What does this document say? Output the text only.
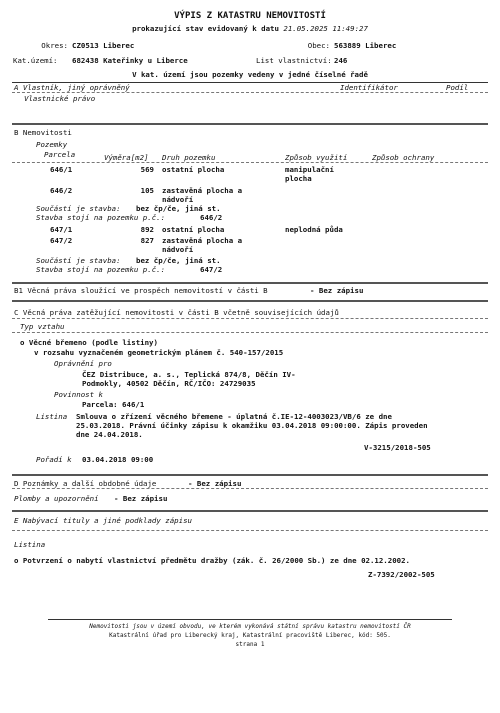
VÝPIS Z KATASTRU NEMOVITOSTÍ
prokazující stav evidovaný k datu 21.05.2025 11:49:27
Okres: CZ0513 Liberec	Obec: 563889 Liberec
Kat.území: 682438 Kateřinky u Liberce	List vlastnictví: 246
V kat. území jsou pozemky vedeny v jedné číselné řadě
A Vlastník, jiný oprávněný	Identifikátor	Podíl
Vlastnické právo
B Nemovitosti
Pozemky
Parcela	Výměra[m2] Druh pozemku	Způsob využití	Způsob ochrany
646/1	569 ostatní plocha	manipulační
plocha
646/2	105 zastavěná plocha a
nádvoří
Součástí je stavba: bez čp/če, jiná st.
Stavba stojí na pozemku p.č.:	646/2
647/1	892 ostatní plocha	neplodná půda
647/2	827 zastavěná plocha a
nádvoří
Součástí je stavba: bez čp/če, jiná st.
Stavba stojí na pozemku p.č.:	647/2
B1 Věcná práva sloužící ve prospěch nemovitostí v části B	- Bez zápisu
C Věcná práva zatěžující nemovitosti v části B včetně souvisejících údajů
Typ vztahu
o Věcné břemeno (podle listiny)
v rozsahu vyznačeném geometrickým plánem č. 540-157/2015
Oprávnění pro
ČEZ Distribuce, a. s., Teplická 874/8, Děčín IV-
Podmokly, 40502 Děčín, RČ/IČO: 24729035
Povinnost k
Parcela: 646/1
Listina Smlouva o zřízení věcného břemene - úplatná č.IE-12-4003023/VB/6 ze dne
25.03.2018. Právní účinky zápisu k okamžiku 03.04.2018 09:00:00. Zápis proveden
dne 24.04.2018.
V-3215/2018-505
Pořadí k 03.04.2018 09:00
D Poznámky a další obdobné údaje	- Bez zápisu
Plomby a upozornění - Bez zápisu
E Nabývací tituly a jiné podklady zápisu
Listina
o Potvrzení o nabytí vlastnictví předmětu dražby (zák. č. 26/2000 Sb.) ze dne 02.12.2002.
Z-7392/2002-505
Nemovitosti jsou v území obvodu, ve kterém vykonává státní správu katastru nemovitostí ČR
Katastrální úřad pro Liberecký kraj, Katastrální pracoviště Liberec, kód: 505.
strana 1
